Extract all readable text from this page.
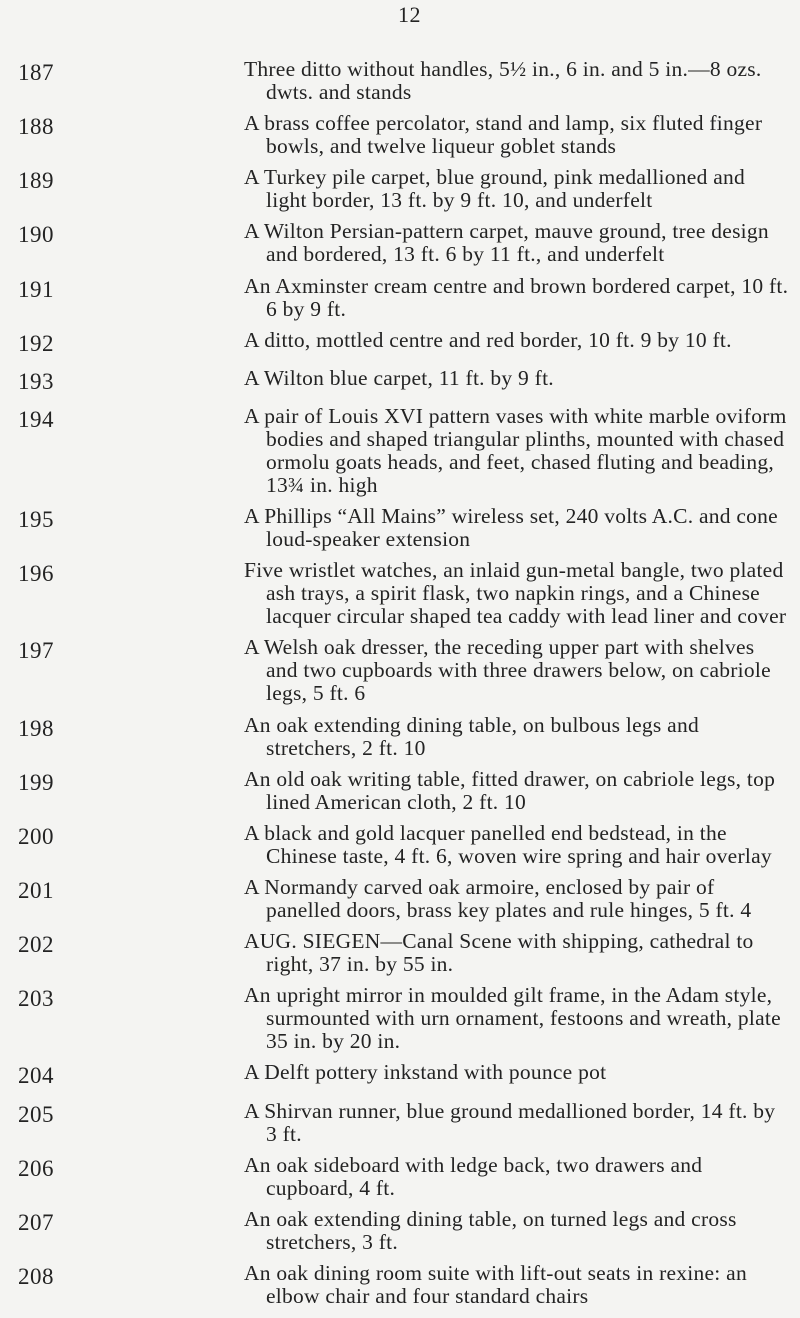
12
187	Three ditto without handles, 5½ in., 6 in. and 5 in.—8 ozs. dwts. and stands
188	A brass coffee percolator, stand and lamp, six fluted finger bowls, and twelve liqueur goblet stands
189	A Turkey pile carpet, blue ground, pink medallioned and light border, 13 ft. by 9 ft. 10, and underfelt
190	A Wilton Persian-pattern carpet, mauve ground, tree design and bordered, 13 ft. 6 by 11 ft., and underfelt
191	An Axminster cream centre and brown bordered carpet, 10 ft. 6 by 9 ft.
192	A ditto, mottled centre and red border, 10 ft. 9 by 10 ft.
193	A Wilton blue carpet, 11 ft. by 9 ft.
194	A pair of Louis XVI pattern vases with white marble oviform bodies and shaped triangular plinths, mounted with chased ormolu goats heads, and feet, chased fluting and beading, 13¾ in. high
195	A Phillips “All Mains” wireless set, 240 volts A.C. and cone loud-speaker extension
196	Five wristlet watches, an inlaid gun-metal bangle, two plated ash trays, a spirit flask, two napkin rings, and a Chinese lacquer circular shaped tea caddy with lead liner and cover
197	A Welsh oak dresser, the receding upper part with shelves and two cupboards with three drawers below, on cabriole legs, 5 ft. 6
198	An oak extending dining table, on bulbous legs and stretchers, 2 ft. 10
199	An old oak writing table, fitted drawer, on cabriole legs, top lined American cloth, 2 ft. 10
200	A black and gold lacquer panelled end bedstead, in the Chinese taste, 4 ft. 6, woven wire spring and hair overlay
201	A Normandy carved oak armoire, enclosed by pair of panelled doors, brass key plates and rule hinges, 5 ft. 4
202	AUG. SIEGEN—Canal Scene with shipping, cathedral to right, 37 in. by 55 in.
203	An upright mirror in moulded gilt frame, in the Adam style, surmounted with urn ornament, festoons and wreath, plate 35 in. by 20 in.
204	A Delft pottery inkstand with pounce pot
205	A Shirvan runner, blue ground medallioned border, 14 ft. by 3 ft.
206	An oak sideboard with ledge back, two drawers and cupboard, 4 ft.
207	An oak extending dining table, on turned legs and cross stretchers, 3 ft.
208	An oak dining room suite with lift-out seats in rexine: an elbow chair and four standard chairs
